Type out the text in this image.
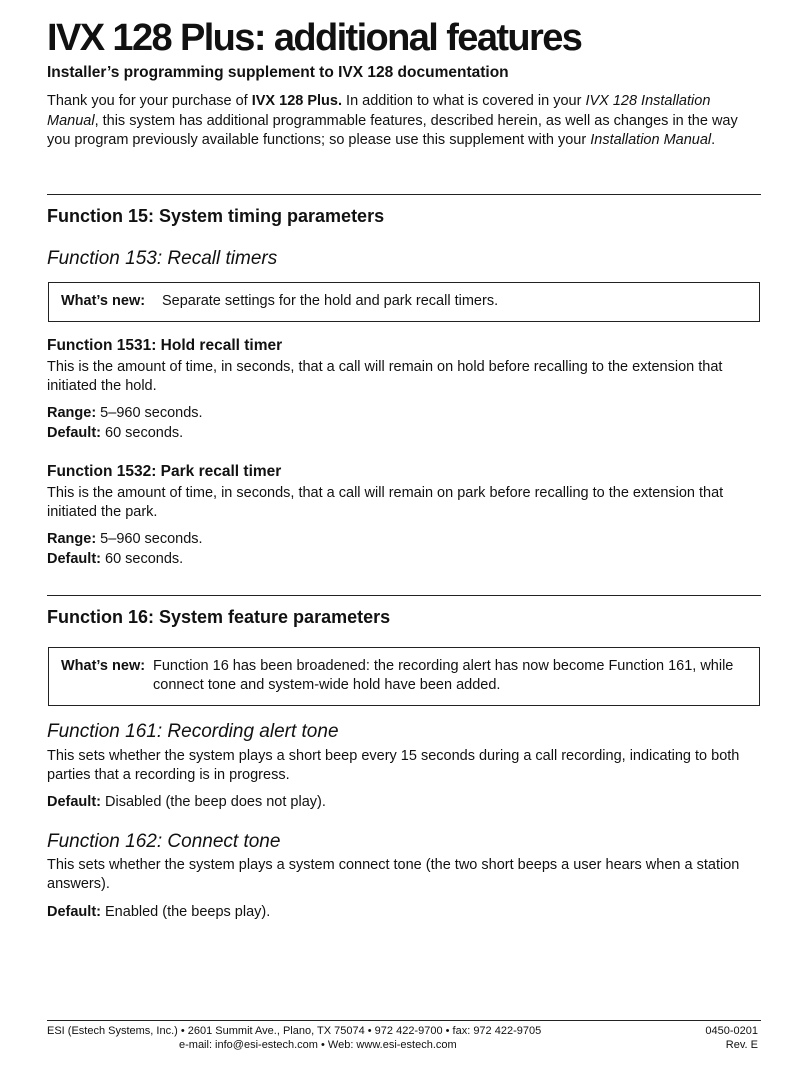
IVX 128 Plus: additional features
Installer’s programming supplement to IVX 128 documentation
Thank you for your purchase of IVX 128 Plus. In addition to what is covered in your IVX 128 Installation Manual, this system has additional programmable features, described herein, as well as changes in the way you program previously available functions; so please use this supplement with your Installation Manual.
Function 15: System timing parameters
Function 153: Recall timers
What’s new: Separate settings for the hold and park recall timers.
Function 1531: Hold recall timer
This is the amount of time, in seconds, that a call will remain on hold before recalling to the extension that initiated the hold.
Range: 5–960 seconds.
Default: 60 seconds.
Function 1532: Park recall timer
This is the amount of time, in seconds, that a call will remain on park before recalling to the extension that initiated the park.
Range: 5–960 seconds.
Default: 60 seconds.
Function 16: System feature parameters
What’s new: Function 16 has been broadened: the recording alert has now become Function 161, while connect tone and system-wide hold have been added.
Function 161: Recording alert tone
This sets whether the system plays a short beep every 15 seconds during a call recording, indicating to both parties that a recording is in progress.
Default: Disabled (the beep does not play).
Function 162: Connect tone
This sets whether the system plays a system connect tone (the two short beeps a user hears when a station answers).
Default: Enabled (the beeps play).
ESI (Estech Systems, Inc.) • 2601 Summit Ave., Plano, TX 75074 • 972 422-9700 • fax: 972 422-9705
e-mail: info@esi-estech.com • Web: www.esi-estech.com
0450-0201
Rev. E
